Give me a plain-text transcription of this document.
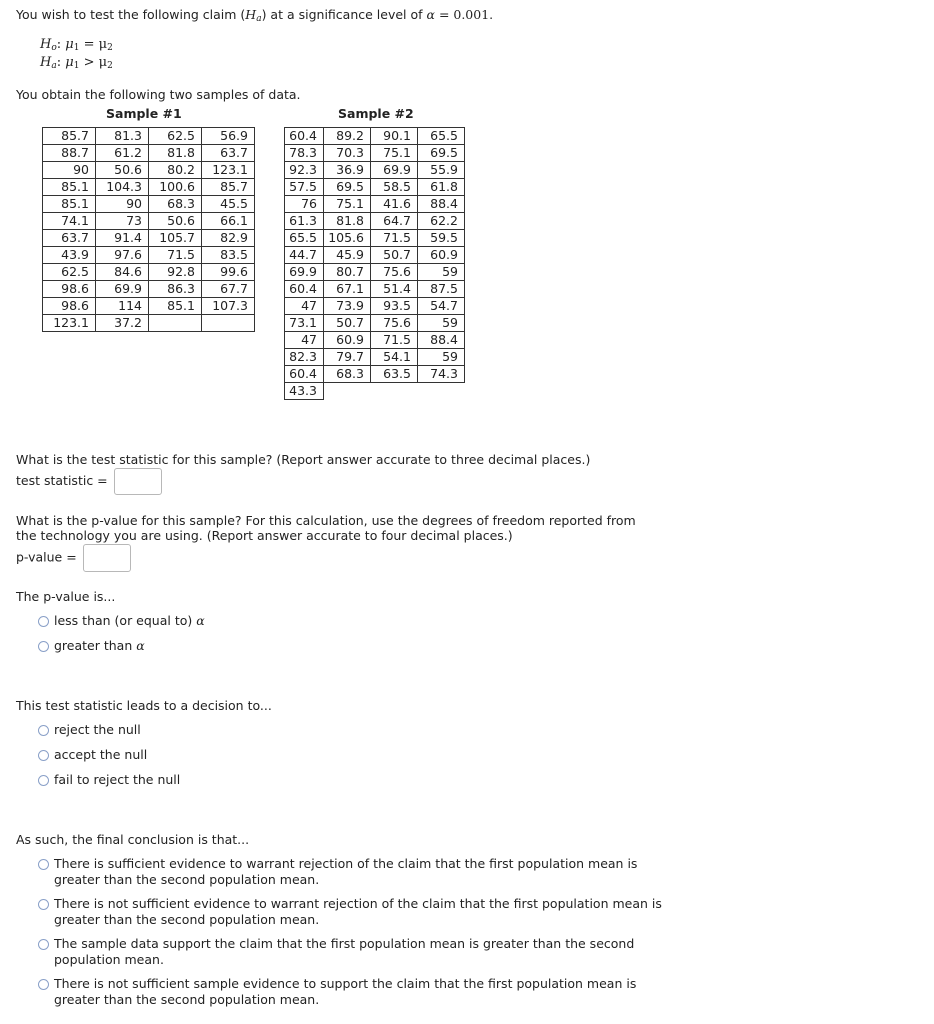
You wish to test the following claim $(H_a)$ at a significance level of α = 0.001.
$H_o$: $\mu_1 = \mu_2$
$H_a$: $\mu_1 > \mu_2$
You obtain the following two samples of data.
Sample #1	Sample #2
85.7	81.3	62.5	56.9
88.7	61.2	81.8	63.7
90	50.6	80.2	123.1
85.1	104.3	100.6	85.7
85.1	90	68.3	45.5
74.1	73	50.6	66.1
63.7	91.4	105.7	82.9
43.9	97.6	71.5	83.5
62.5	84.6	92.8	99.6
98.6	69.9	86.3	67.7
98.6	114	85.1	107.3
123.1	37.2		
60.4	89.2	90.1	65.5
78.3	70.3	75.1	69.5
92.3	36.9	69.9	55.9
57.5	69.5	58.5	61.8
76	75.1	41.6	88.4
61.3	81.8	64.7	62.2
65.5	105.6	71.5	59.5
44.7	45.9	50.7	60.9
69.9	80.7	75.6	59
60.4	67.1	51.4	87.5
47	73.9	93.5	54.7
73.1	50.7	75.6	59
47	60.9	71.5	88.4
82.3	79.7	54.1	59
60.4	68.3	63.5	74.3
43.3			
What is the test statistic for this sample? (Report answer accurate to three decimal places.)
test statistic =
What is the p-value for this sample? For this calculation, use the degrees of freedom reported from the technology you are using. (Report answer accurate to four decimal places.)
p-value =
The p-value is...
less than (or equal to) α
greater than α
This test statistic leads to a decision to...
reject the null
accept the null
fail to reject the null
As such, the final conclusion is that...
There is sufficient evidence to warrant rejection of the claim that the first population mean is greater than the second population mean.
There is not sufficient evidence to warrant rejection of the claim that the first population mean is greater than the second population mean.
The sample data support the claim that the first population mean is greater than the second population mean.
There is not sufficient sample evidence to support the claim that the first population mean is greater than the second population mean.
